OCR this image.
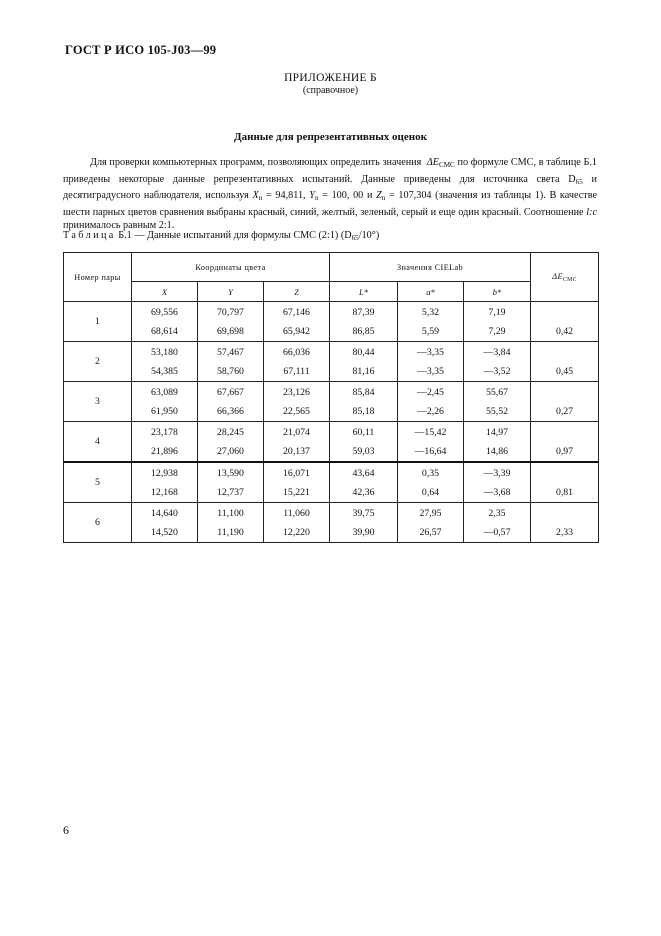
ГОСТ Р ИСО 105-J03—99
ПРИЛОЖЕНИЕ Б
(справочное)
Данные для репрезентативных оценок

Для проверки компьютерных программ, позволяющих определить значения $\Delta E_{CMC}$ по формуле CMC, в таблице Б.1 приведены некоторые данные репрезентативных испытаний. Данные приведены для источника света $D_{65}$ и десятиградусного наблюдателя, используя $X_n = 94,811$, $Y_n = 100$, 00 и $Z_n = 107,304$ (значения из таблицы 1). В качестве шести парных цветов сравнения выбраны красный, синий, желтый, зеленый, серый и еще один красный. Соотношение l:c принималось равным 2:1.

Таблица Б.1 — Данные испытаний для формулы CMC (2:1) $(D_{65}/10^\circ)$
Номер пары	Координаты цвета			Значения CIELab			$\Delta E_{CMC}$
	X	Y	Z	L*	a*	b*	
1	69,556	70,797	67,146	87,39	5,32	7,19	
	68,614	69,698	65,942	86,85	5,59	7,29	0,42
2	53,180	57,467	66,036	80,44	—3,35	—3,84	
	54,385	58,760	67,111	81,16	—3,35	—3,52	0,45
3	63,089	67,667	23,126	85,84	—2,45	55,67	
	61,950	66,366	22,565	85,18	—2,26	55,52	0,27
4	23,178	28,245	21,074	60,11	—15,42	14,97	
	21,896	27,060	20,137	59,03	—16,64	14,86	0,97
5	12,938	13,590	16,071	43,64	0,35	—3,39	
	12,168	12,737	15,221	42,36	0,64	—3,68	0,81
6	14,640	11,100	11,060	39,75	27,95	2,35	
	14,520	11,190	12,220	39,90	26,57	—0,57	2,33
6
